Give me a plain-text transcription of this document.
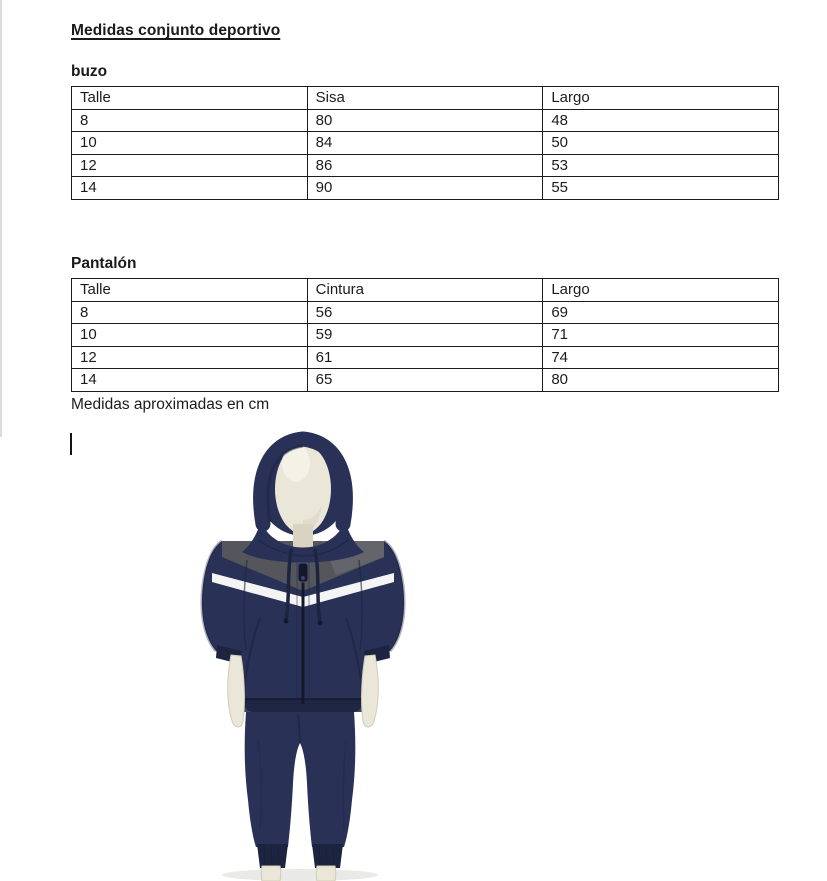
Medidas conjunto deportivo
buzo
Talle	Sisa	Largo
8	80	48
10	84	50
12	86	53
14	90	55
Pantalón
Talle	Cintura	Largo
8	56	69
10	59	71
12	61	74
14	65	80
Medidas aproximadas en cm
